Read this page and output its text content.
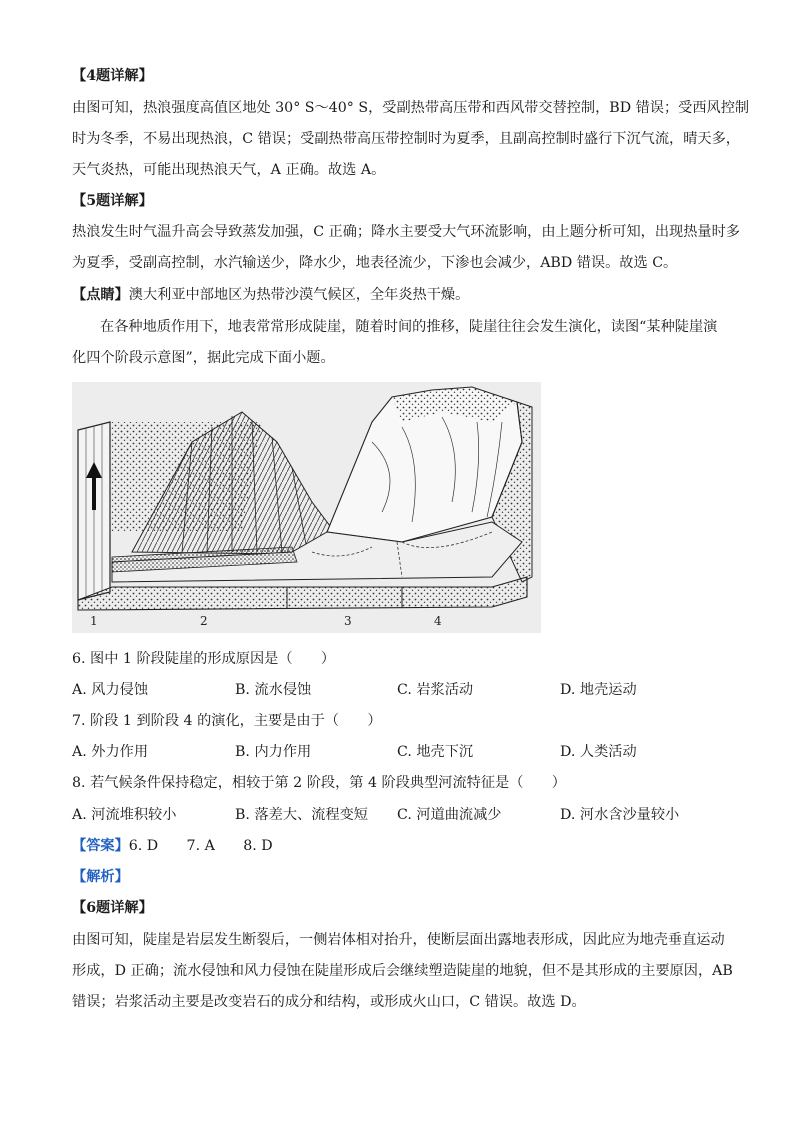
【4题详解】
由图可知，热浪强度高值区地处 30° S～40° S，受副热带高压带和西风带交替控制，BD 错误；受西风控制
时为冬季，不易出现热浪，C 错误；受副热带高压带控制时为夏季，且副高控制时盛行下沉气流，晴天多，
天气炎热，可能出现热浪天气，A 正确。故选 A。
【5题详解】
热浪发生时气温升高会导致蒸发加强，C 正确；降水主要受大气环流影响，由上题分析可知，出现热量时多
为夏季，受副高控制，水汽输送少，降水少，地表径流少，下渗也会减少，ABD 错误。故选 C。
【点睛】澳大利亚中部地区为热带沙漠气候区，全年炎热干燥。
在各种地质作用下，地表常常形成陡崖，随着时间的推移，陡崖往往会发生演化，读图“某种陡崖演
化四个阶段示意图”，据此完成下面小题。
1	2	3	4
6. 图中 1 阶段陡崖的形成原因是（　　）
A. 风力侵蚀	B. 流水侵蚀	C. 岩浆活动	D. 地壳运动
7. 阶段 1 到阶段 4 的演化，主要是由于（　　）
A. 外力作用	B. 内力作用	C. 地壳下沉	D. 人类活动
8. 若气候条件保持稳定，相较于第 2 阶段，第 4 阶段典型河流特征是（　　）
A. 河流堆积较小	B. 落差大、流程变短 C. 河道曲流减少	D. 河水含沙量较小
【答案】6. D　　7. A　　8. D
【解析】
【6题详解】
由图可知，陡崖是岩层发生断裂后，一侧岩体相对抬升，使断层面出露地表形成，因此应为地壳垂直运动
形成，D 正确；流水侵蚀和风力侵蚀在陡崖形成后会继续塑造陡崖的地貌，但不是其形成的主要原因，AB
错误；岩浆活动主要是改变岩石的成分和结构，或形成火山口，C 错误。故选 D。
